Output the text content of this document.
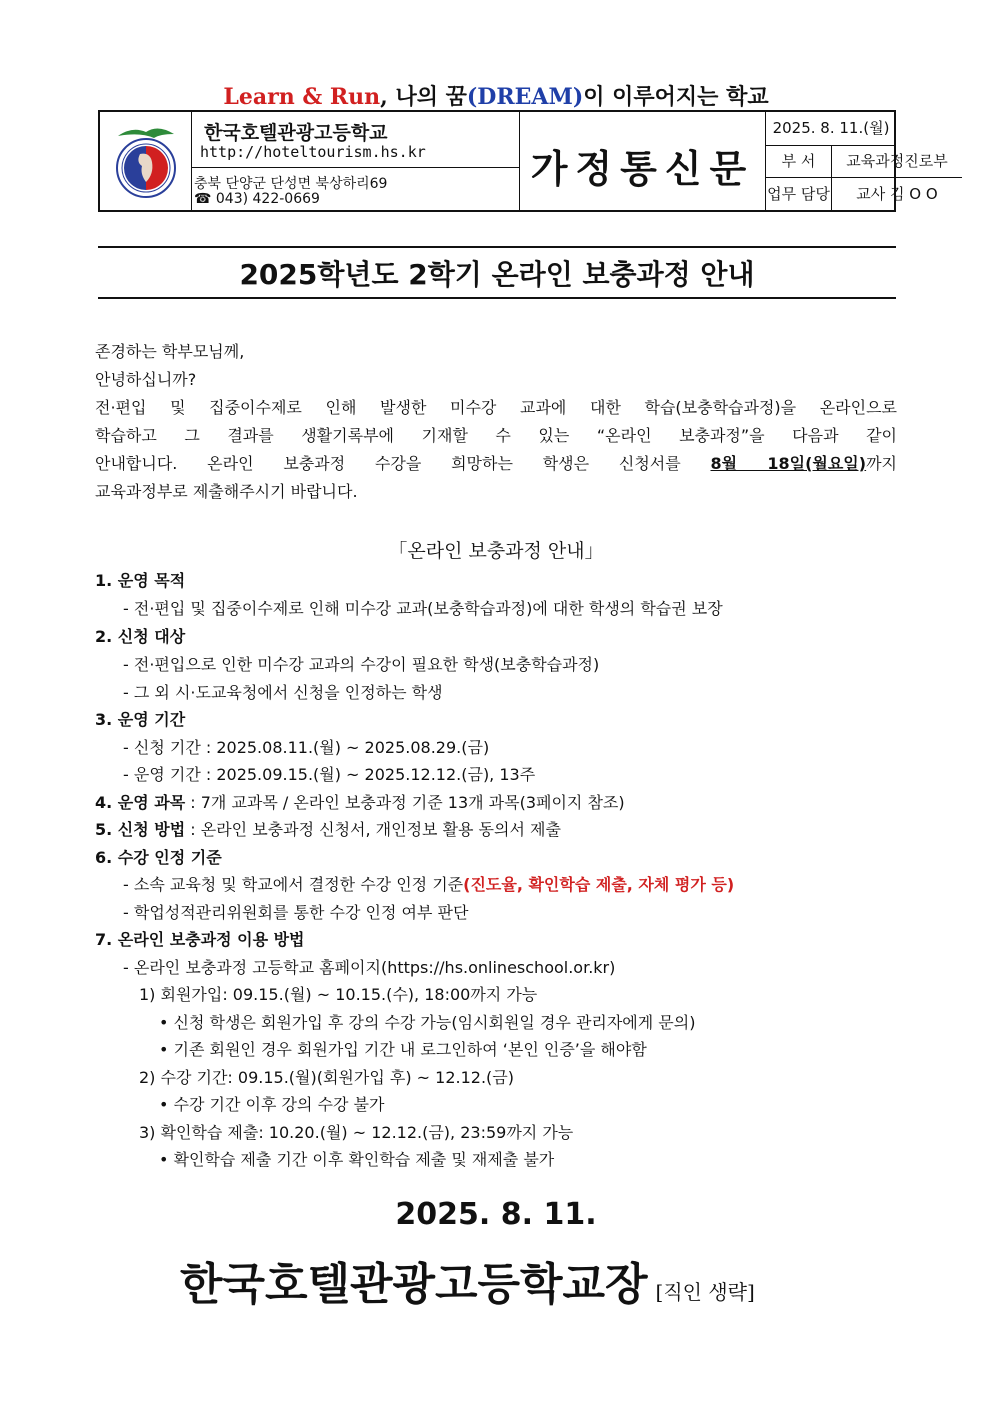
Learn & Run, 나의 꿈(DREAM)이 이루어지는 학교
한국호텔관광고등학교
http://hoteltourism.hs.kr
충북 단양군 단성면 북상하리69
☎ 043) 422-0669
가정통신문
2025. 8. 11.(월)
부 서	교육과정진로부
업무 담당	교사 김 O O
2025학년도 2학기 온라인 보충과정 안내
존경하는 학부모님께,
안녕하십니까?
전·편입 및 집중이수제로 인해 발생한 미수강 교과에 대한 학습(보충학습과정)을 온라인으로
학습하고 그 결과를 생활기록부에 기재할 수 있는 “온라인 보충과정”을 다음과 같이
안내합니다. 온라인 보충과정 수강을 희망하는 학생은 신청서를 8월 18일(월요일)까지
교육과정부로 제출해주시기 바랍니다.
「온라인 보충과정 안내」
1. 운영 목적
- 전·편입 및 집중이수제로 인해 미수강 교과(보충학습과정)에 대한 학생의 학습권 보장
2. 신청 대상
- 전·편입으로 인한 미수강 교과의 수강이 필요한 학생(보충학습과정)
- 그 외 시·도교육청에서 신청을 인정하는 학생
3. 운영 기간
- 신청 기간 : 2025.08.11.(월) ~ 2025.08.29.(금)
- 운영 기간 : 2025.09.15.(월) ~ 2025.12.12.(금), 13주
4. 운영 과목 : 7개 교과목 / 온라인 보충과정 기준 13개 과목(3페이지 참조)
5. 신청 방법 : 온라인 보충과정 신청서, 개인정보 활용 동의서 제출
6. 수강 인정 기준
- 소속 교육청 및 학교에서 결정한 수강 인정 기준(진도율, 확인학습 제출, 자체 평가 등)
- 학업성적관리위원회를 통한 수강 인정 여부 판단
7. 온라인 보충과정 이용 방법
- 온라인 보충과정 고등학교 홈페이지(https://hs.onlineschool.or.kr)
1) 회원가입: 09.15.(월) ~ 10.15.(수), 18:00까지 가능
• 신청 학생은 회원가입 후 강의 수강 가능(임시회원일 경우 관리자에게 문의)
• 기존 회원인 경우 회원가입 기간 내 로그인하여 ‘본인 인증’을 해야함
2) 수강 기간: 09.15.(월)(회원가입 후) ~ 12.12.(금)
• 수강 기간 이후 강의 수강 불가
3) 확인학습 제출: 10.20.(월) ~ 12.12.(금), 23:59까지 가능
• 확인학습 제출 기간 이후 확인학습 제출 및 재제출 불가
2025. 8. 11.
한국호텔관광고등학교장 [직인 생략]
